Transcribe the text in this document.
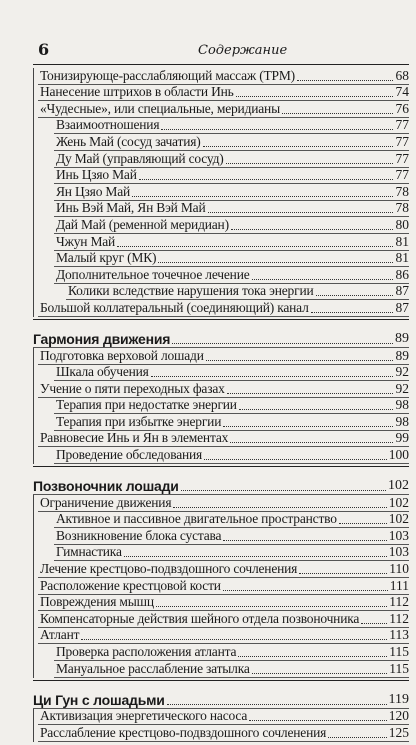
6	Содержание
Тонизирующе-расслабляющий массаж (ТРМ)	68
Нанесение штрихов в области Инь	74
«Чудесные», или специальные, меридианы	76
Взаимоотношения	77
Жень Май (сосуд зачатия)	77
Ду Май (управляющий сосуд)	77
Инь Цзяо Май	77
Ян Цзяо Май	78
Инь Вэй Май, Ян Вэй Май	78
Дай Май (ременной меридиан)	80
Чжун Май	81
Малый круг (МК)	81
Дополнительное точечное лечение	86
Колики вследствие нарушения тока энергии	87
Большой коллатеральный (соединяющий) канал	87
Гармония движения	89
Подготовка верховой лошади	89
Шкала обучения	92
Учение о пяти переходных фазах	92
Терапия при недостатке энергии	98
Терапия при избытке энергии	98
Равновесие Инь и Ян в элементах	99
Проведение обследования	100
Позвоночник лошади	102
Ограничение движения	102
Активное и пассивное двигательное пространство	102
Возникновение блока сустава	103
Гимнастика	103
Лечение крестцово-подвздошного сочленения	110
Расположение крестцовой кости	111
Повреждения мышц	112
Компенсаторные действия шейного отдела позвоночника 112
Атлант	113
Проверка расположения атланта	115
Мануальное расслабление затылка	115
Ци Гун с лошадьми	119
Активизация энергетического насоса	120
Расслабление крестцово-подвздошного сочленения	125
